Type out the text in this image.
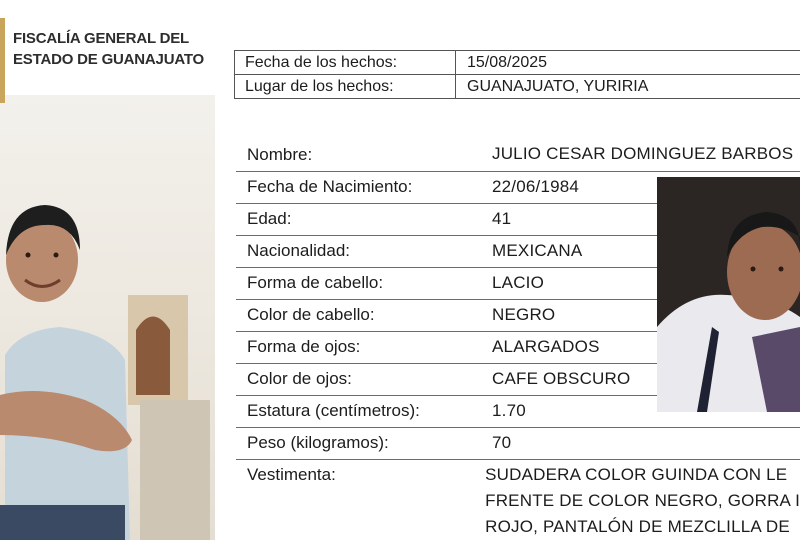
FISCALÍA GENERAL DEL
ESTADO DE GUANAJUATO	Fecha de los hechos:	15/08/2025
Lugar de los hechos:	GUANAJUATO, YURIRIA
Nombre:	JULIO CESAR DOMINGUEZ BARBOS
Fecha de Nacimiento:	22/06/1984
Edad:	41
Nacionalidad:	MEXICANA
Forma de cabello:	LACIO
Color de cabello:	NEGRO
Forma de ojos:	ALARGADOS
Color de ojos:	CAFE OBSCURO
Estatura (centímetros):	1.70
Peso (kilogramos):	70
Vestimenta:	SUDADERA COLOR GUINDA CON LE
FRENTE DE COLOR NEGRO, GORRA I
ROJO, PANTALÓN DE MEZCLILLA DE
